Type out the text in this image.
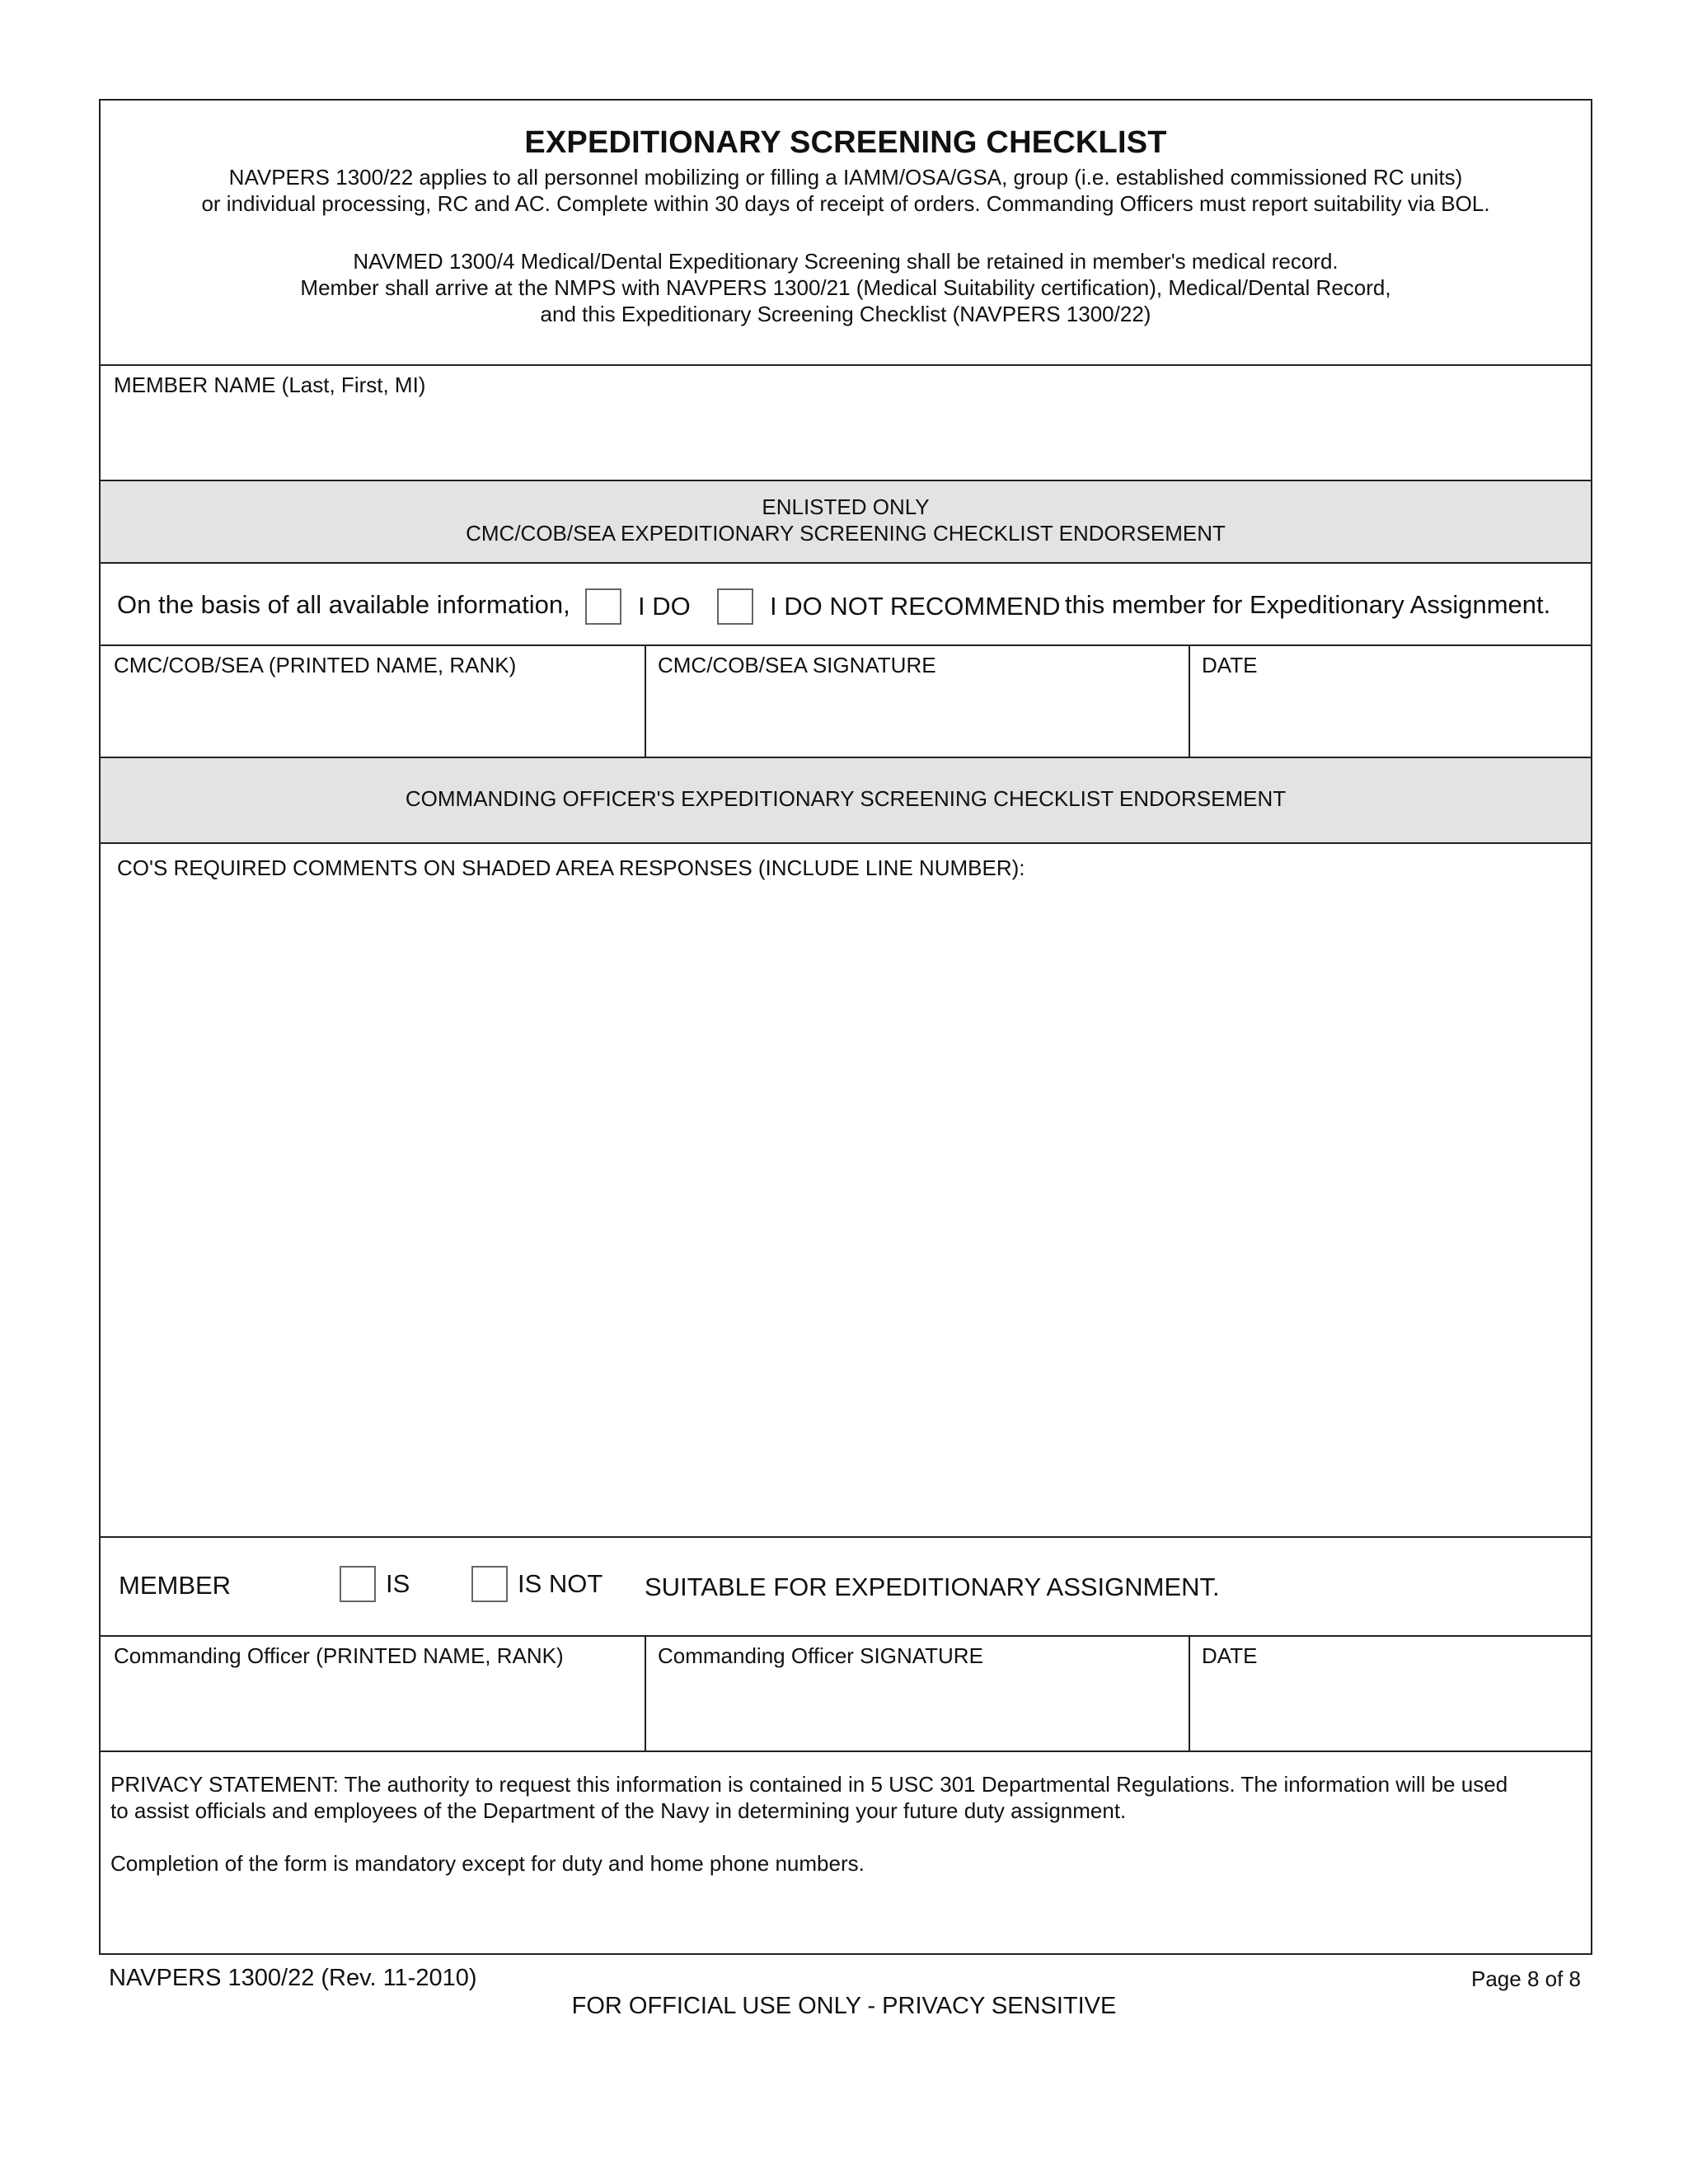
EXPEDITIONARY SCREENING CHECKLIST
NAVPERS 1300/22 applies to all personnel mobilizing or filling a IAMM/OSA/GSA, group (i.e. established commissioned RC units)
or individual processing, RC and AC. Complete within 30 days of receipt of orders. Commanding Officers must report suitability via BOL.
NAVMED 1300/4 Medical/Dental Expeditionary Screening shall be retained in member's medical record.
Member shall arrive at the NMPS with NAVPERS 1300/21 (Medical Suitability certification), Medical/Dental Record,
and this Expeditionary Screening Checklist (NAVPERS 1300/22)
MEMBER NAME (Last, First, MI)
ENLISTED ONLY
CMC/COB/SEA EXPEDITIONARY SCREENING CHECKLIST ENDORSEMENT
On the basis of all available information,	I DO	I DO NOT RECOMMEND this member for Expeditionary Assignment.
CMC/COB/SEA (PRINTED NAME, RANK)	CMC/COB/SEA SIGNATURE	DATE
COMMANDING OFFICER'S EXPEDITIONARY SCREENING CHECKLIST ENDORSEMENT
CO'S REQUIRED COMMENTS ON SHADED AREA RESPONSES (INCLUDE LINE NUMBER):
MEMBER	IS	IS NOT SUITABLE FOR EXPEDITIONARY ASSIGNMENT.
Commanding Officer (PRINTED NAME, RANK)	Commanding Officer SIGNATURE	DATE
PRIVACY STATEMENT: The authority to request this information is contained in 5 USC 301 Departmental Regulations. The information will be used
to assist officials and employees of the Department of the Navy in determining your future duty assignment.
Completion of the form is mandatory except for duty and home phone numbers.
NAVPERS 1300/22 (Rev. 11-2010)	Page 8 of 8
FOR OFFICIAL USE ONLY - PRIVACY SENSITIVE
